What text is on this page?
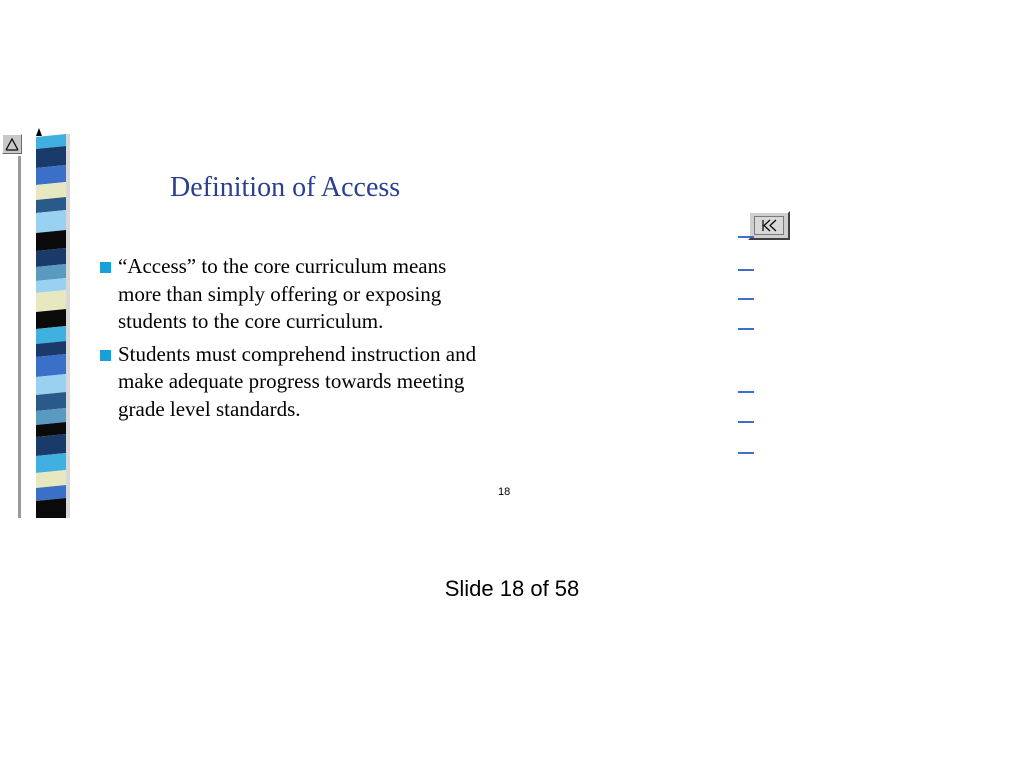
Definition of Access
“Access” to the core curriculum means
more than simply offering or exposing
students to the core curriculum.
Students must comprehend instruction and
make adequate progress towards meeting
grade level standards.
18
Slide 18 of 58
